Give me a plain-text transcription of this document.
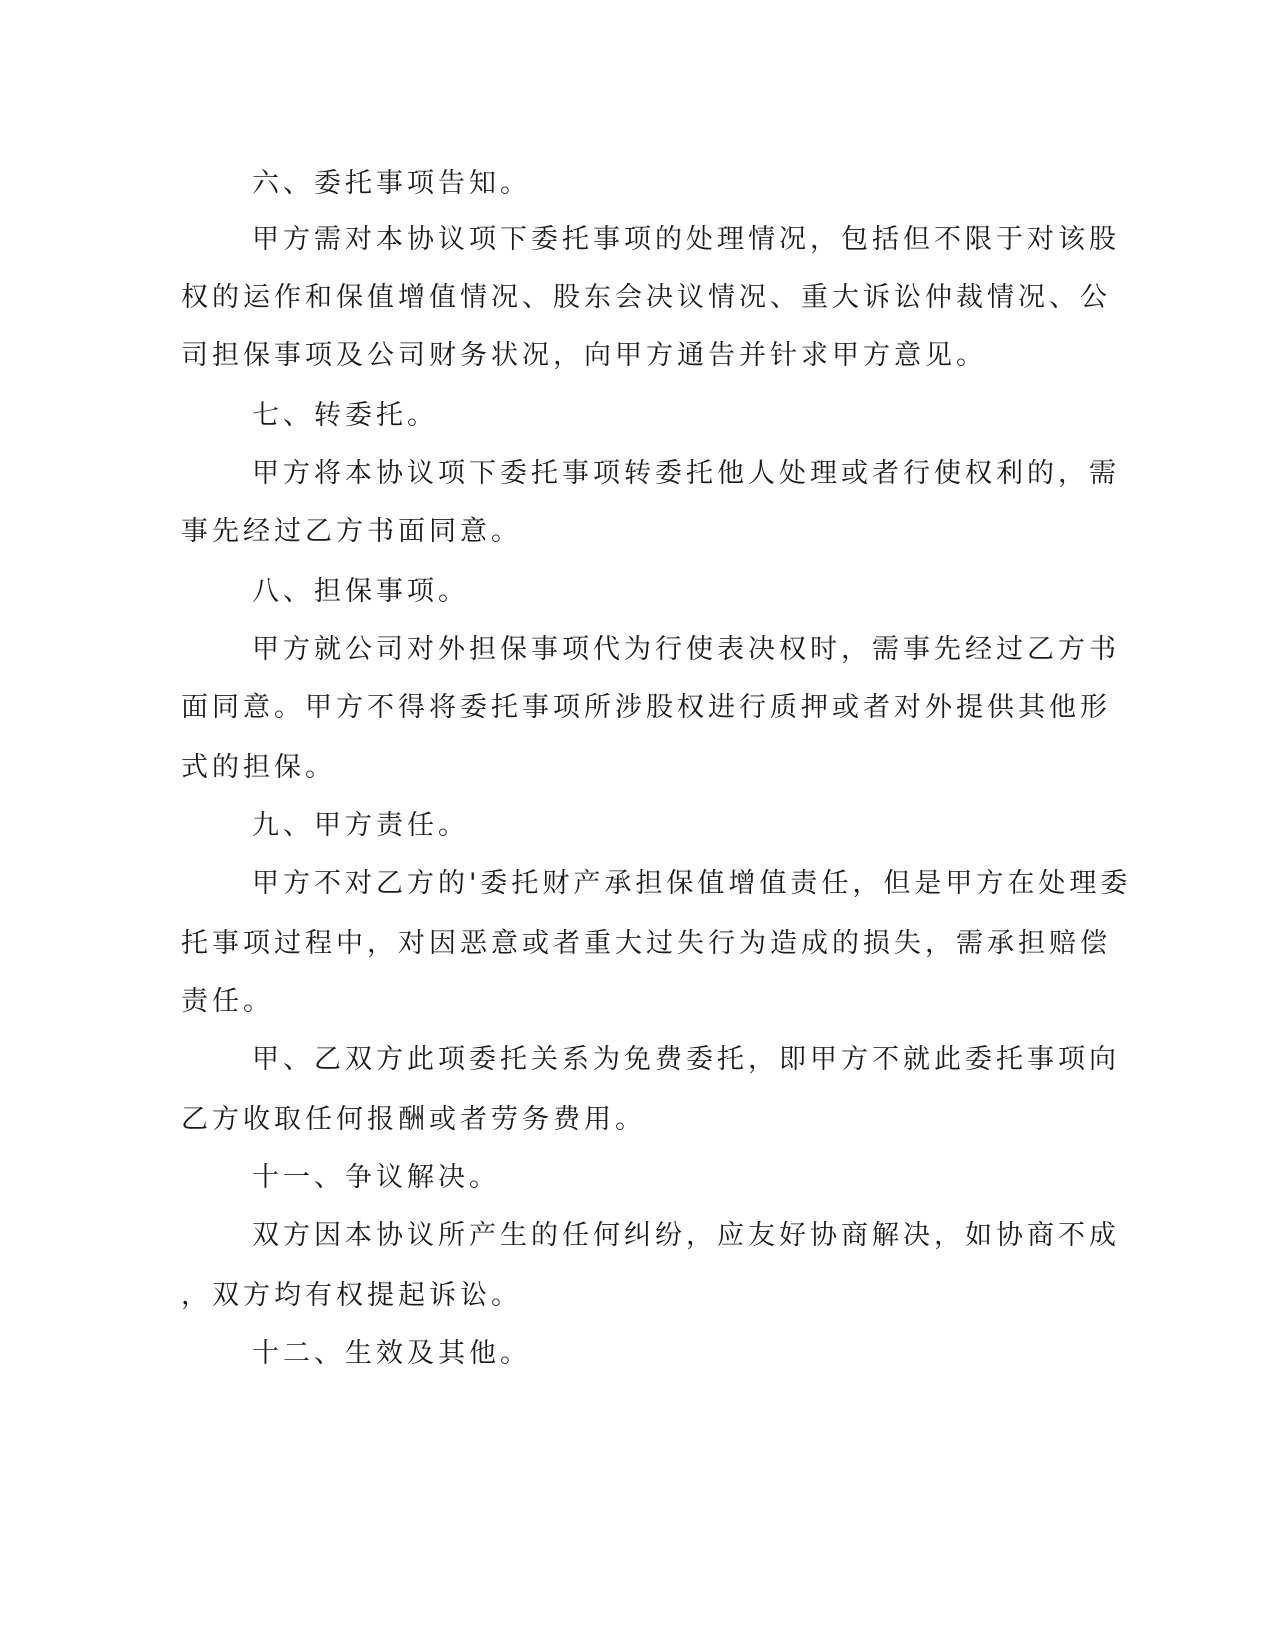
六、委托事项告知。

甲方需对本协议项下委托事项的处理情况，包括但不限于对该股

权的运作和保值增值情况、股东会决议情况、重大诉讼仲裁情况、公

司担保事项及公司财务状况，向甲方通告并针求甲方意见。

七、转委托。

甲方将本协议项下委托事项转委托他人处理或者行使权利的，需

事先经过乙方书面同意。

八、担保事项。

甲方就公司对外担保事项代为行使表决权时，需事先经过乙方书

面同意。甲方不得将委托事项所涉股权进行质押或者对外提供其他形

式的担保。

九、甲方责任。

甲方不对乙方的'委托财产承担保值增值责任，但是甲方在处理委

托事项过程中，对因恶意或者重大过失行为造成的损失，需承担赔偿

责任。

甲、乙双方此项委托关系为免费委托，即甲方不就此委托事项向

乙方收取任何报酬或者劳务费用。

十一、争议解决。

双方因本协议所产生的任何纠纷，应友好协商解决，如协商不成

，双方均有权提起诉讼。

十二、生效及其他。
